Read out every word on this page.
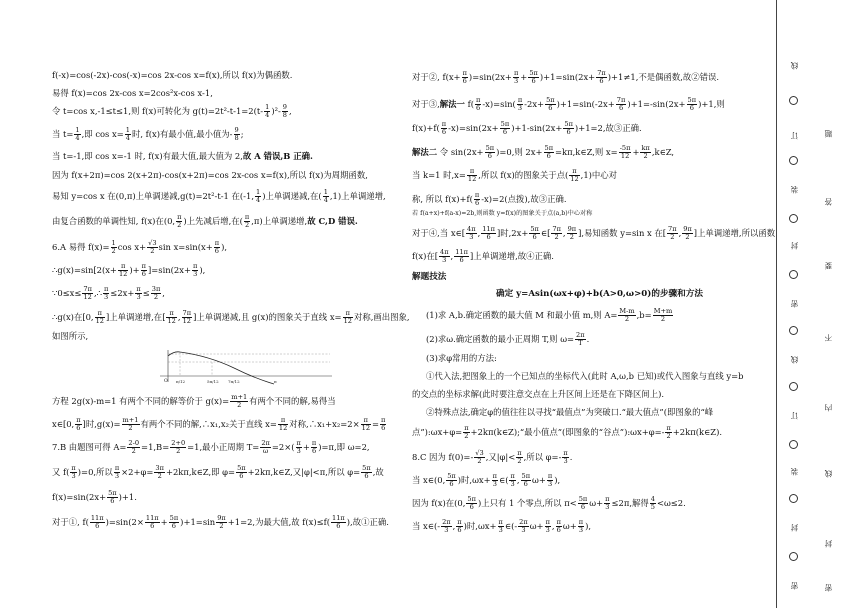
f(-x)=cos(-2x)-cos(-x)=cos 2x-cos x=f(x),所以 f(x)为偶函数.
易得 f(x)=cos 2x-cos x=2cos²x-cos x-1,
令 t=cos x,-1≤t≤1,则 f(x)可转化为 $g(t)=2t^2-t-1=2(t- \frac{1}{4} )^2- \frac{9}{8}$ ,
当 $t= \frac{1}{4}$ ,即 $\cos x= \frac{1}{4}$ 时, f(x)有最小值,最小值为- $\frac{9}{8}$ ;
当 t=-1,即 cos x=-1 时, f(x)有最大值,最大值为 2,故 A 错误,B 正确.
因为 f(x+2π)=cos 2(x+2π)-cos(x+2π)=cos 2x-cos x=f(x),所以 f(x)为周期函数,
易知 y=cos x 在(0,π)上单调递减,g(t)=2t²-t-1 在(-1, $\frac{1}{4}$ )上单调递减,在( $\frac{1}{4} ,1$)上单调递增,
由复合函数的单调性知, f(x)在(0, $\frac{\pi}{2}$ )上先减后增,在( $\frac{\pi}{2} ,\pi$)上单调递增,故 C,D 错误.
6.A 易得 $f(x)= \frac{1}{2}$ $\cos x+ \frac{√3}{2}$ $\sin x=\sin(x+ \frac{\pi}{6}$ ),
∴g(x)=sin[2(x+ $\frac{\pi}{12}$ )+ $\frac{\pi}{6} ]=\sin(2x+ \frac{\pi}{3}$ ),
∵0≤x≤ $\frac{7\pi}{12}$ ,∴ $\frac{\pi}{3} \le 2x+ \frac{\pi}{3} \le \frac{3\pi}{2}$ ,
∴g(x)在[0, $\frac{\pi}{12}$ ]上单调递增,在[ $\frac{\pi}{12}$ , $\frac{7\pi}{12}$ ]上单调递减,且 g(x)的图象关于直线 $x= \frac{\pi}{12}$ 对称,画出图象,
如图所示,
方程 2g(x)-m=1 有两个不同的解等价于 $g(x)= \frac{m+1}{2}$ 有两个不同的解,易得当
x∈[0, $\frac{\pi}{6}$ ]时$,g(x)= \frac{m+1}{2}$ 有两个不同的解,∴x₁,x₂关于直线 $x= \frac{\pi}{12}$ 对称,∴x₁+x₂=2× $\frac{\pi}{12} = \frac{\pi}{6}$
7.B 由题图可得 $A= \frac{2-0}{2} =1,B= \frac{2+0}{2} =1$,最小正周期 $T= \frac{2\pi}{\omega} =2\times( \frac{\pi}{3} + \frac{\pi}{6} )=\pi$,即 ω=2,
又 $f( \frac{\pi}{3} )=0$,所以 $\frac{\pi}{3} \times 2+\varphi= \frac{3\pi}{2}$ +2kπ,k∈Z,即 $\varphi= \frac{5\pi}{6}$ +2kπ,k∈Z,又|φ|<π,所以 $\varphi= \frac{5\pi}{6}$ ,故
$f(x)=\sin(2x+ \frac{5\pi}{6} )+1$.
对于①, $f( \frac{11\pi}{6} )=\sin(2\times \frac{11\pi}{6} + \frac{5\pi}{6} )+1=\sin \frac{9\pi}{2} +1=2$,为最大值,故 $f(x)\le f( \frac{11\pi}{6}$ ),故①正确.
O π/12	5π/12 7π/12	π
对于②, $f(x+ \frac{\pi}{6} )=\sin(2x+ \frac{\pi}{3} + \frac{5\pi}{6} )+1=\sin(2x+ \frac{7\pi}{6} )+1\ne 1$,不是偶函数,故②错误.
对于③,解法一 $f( \frac{\pi}{6} -x)=\sin( \frac{\pi}{3} -2x+ \frac{5\pi}{6} )+1=\sin(-2x+ \frac{7\pi}{6} )+1=-\sin(2x+ \frac{5\pi}{6} )+1$,则
$f(x)+f( \frac{\pi}{6} -x)=\sin(2x+ \frac{5\pi}{6} )+1-\sin(2x+ \frac{5\pi}{6} )+1=2$,故③正确.
解法二 令 $\sin(2x+ \frac{5\pi}{6} )=0$,则 $2x+ \frac{5\pi}{6}$ =kπ,k∈Z,则 $x= \frac{-5\pi}{12} + \frac{k\pi}{2}$ ,k∈Z,
当 k=1 时$,x= \frac{\pi}{12}$ ,所以 f(x)的图象关于点( $\frac{\pi}{12} ,1$)中心对
称, 所以 $f(x)+f( \frac{\pi}{6} -x)=2$(点拨),故③正确.
若 f(a+x)+f(a-x)=2b,则函数 y=f(x)的图象关于点(a,b)中心对称
对于④,当 x∈[ $\frac{4\pi}{3}$ , $\frac{11\pi}{6}$ ]时$,2x+ \frac{5\pi}{6}$ ∈[ $\frac{7\pi}{2}$ , $\frac{9\pi}{2}$ ],易知函数 y=sin x 在[ $\frac{7\pi}{2}$ , $\frac{9\pi}{2}$ ]上单调递增,所以函数
f(x)在[ $\frac{4\pi}{3}$ , $\frac{11\pi}{6}$ ]上单调递增,故④正确.
解题技法
确定 y=Asin(ωx+φ)+b(A>0,ω>0)的步骤和方法
(1)求 A,b.确定函数的最大值 M 和最小值 m,则 $A= \frac{M-m}{2} ,b= \frac{M+m}{2}$
(2)求ω.确定函数的最小正周期 T,则 $\omega= \frac{2\pi}{T}$ .
(3)求φ常用的方法:
①代入法,把图象上的一个已知点的坐标代入(此时 A,ω,b 已知)或代入图象与直线 y=b
的交点的坐标求解(此时要注意交点在上升区间上还是在下降区间上).
②特殊点法,确定φ的值往往以寻找“最值点”为突破口.“最大值点”(即图象的“峰
点”):ωx+φ= $\frac{\pi}{2}$ +2kπ(k∈Z);“最小值点”(即图象的“谷点”):ωx+φ=- $\frac{\pi}{2}$ +2kπ(k∈Z).
8.C 因为 $f(0)=- \frac{√3}{2}$ ,又$|\varphi|< \frac{\pi}{2}$ ,所以 $\varphi=- \frac{\pi}{3}$ .
当 x∈(0, $\frac{5\pi}{6}$ )时$,\omega x+ \frac{\pi}{3}$ ∈( $\frac{\pi}{3}$ , $\frac{5\pi}{6} \omega+ \frac{\pi}{3}$ ),
因为 f(x)在(0, $\frac{5\pi}{6}$ )上只有 1 个零点,所以 $\pi< \frac{5\pi}{6} \omega+ \frac{\pi}{3} \le 2\pi$,解得 $\frac{4}{5} <\omega\le 2$.
当 x∈(- $\frac{2\pi}{3}$ , $\frac{\pi}{6}$ )时$,\omega x+ \frac{\pi}{3}$ ∈(- $\frac{2\pi}{3} \omega+ \frac{\pi}{3}$ , $\frac{\pi}{6} \omega+ \frac{\pi}{3}$ ),
线
订
装
封
密
线
订
装
封
密
题
答
要
不
内
线
封
密
